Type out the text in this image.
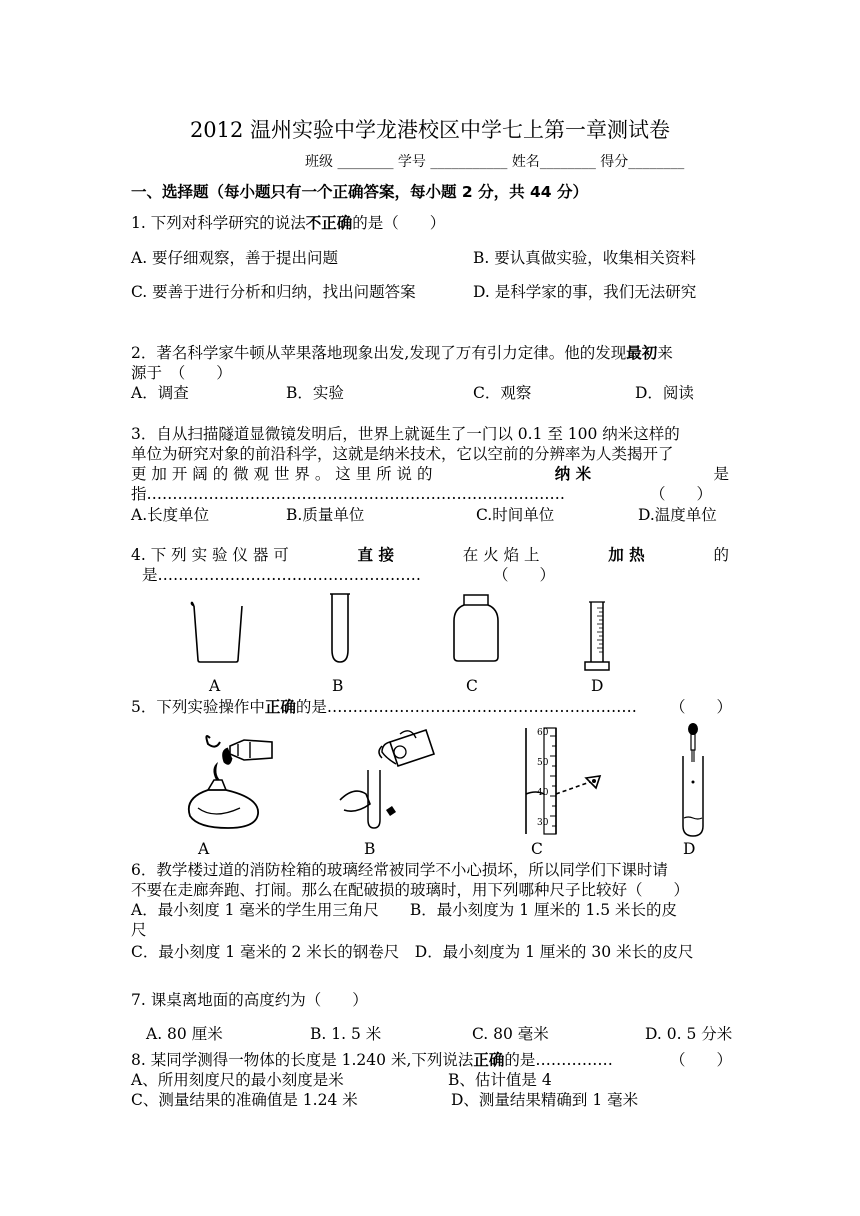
2012 温州实验中学龙港校区中学七上第一章测试卷
班级 ________ 学号 ___________ 姓名________ 得分________
一、选择题（每小题只有一个正确答案，每小题 2 分，共 44 分）
1. 下列对科学研究的说法不正确的是（　　）
A. 要仔细观察，善于提出问题	B. 要认真做实验，收集相关资料
C. 要善于进行分析和归纳，找出问题答案	D. 是科学家的事，我们无法研究
2．著名科学家牛顿从苹果落地现象出发,发现了万有引力定律。他的发现最初来
源于　（　　）
A．调查	B．实验	C．观察	D．阅读
3．自从扫描隧道显微镜发明后，世界上就诞生了一门以 0.1 至 100 纳米这样的
单位为研究对象的前沿科学，这就是纳米技术，它以空前的分辨率为人类揭开了
更 加 开 阔 的 微 观 世 界 。 这 里 所 说 的	纳 米	是
指………………………………………………………………………	（　　）
A.长度单位	B.质量单位	C.时间单位	D.温度单位
4. 下 列 实 验 仪 器 可	直 接	在 火 焰 上	加 热	的
是……………………………………………	（　　）
A	B	C	D
5．下列实验操作中正确的是…………………………………………………… （　　）
60
50
40
30
A	B	C	D
6．教学楼过道的消防栓箱的玻璃经常被同学不小心损坏，所以同学们下课时请
不要在走廊奔跑、打闹。那么在配破损的玻璃时，用下列哪种尺子比较好（　　）
A．最小刻度 1 毫米的学生用三角尺　　B．最小刻度为 1 厘米的 1.5 米长的皮
尺
C．最小刻度 1 毫米的 2 米长的钢卷尺　D．最小刻度为 1 厘米的 30 米长的皮尺
7. 课桌离地面的高度约为（　　）
A. 80 厘米	B. 1. 5 米	C. 80 毫米	D. 0. 5 分米
8. 某同学测得一物体的长度是 1.240 米,下列说法正确的是……………	（　　）
A、所用刻度尺的最小刻度是米	B、估计值是 4
C、测量结果的准确值是 1.24 米	D、测量结果精确到 1 毫米
